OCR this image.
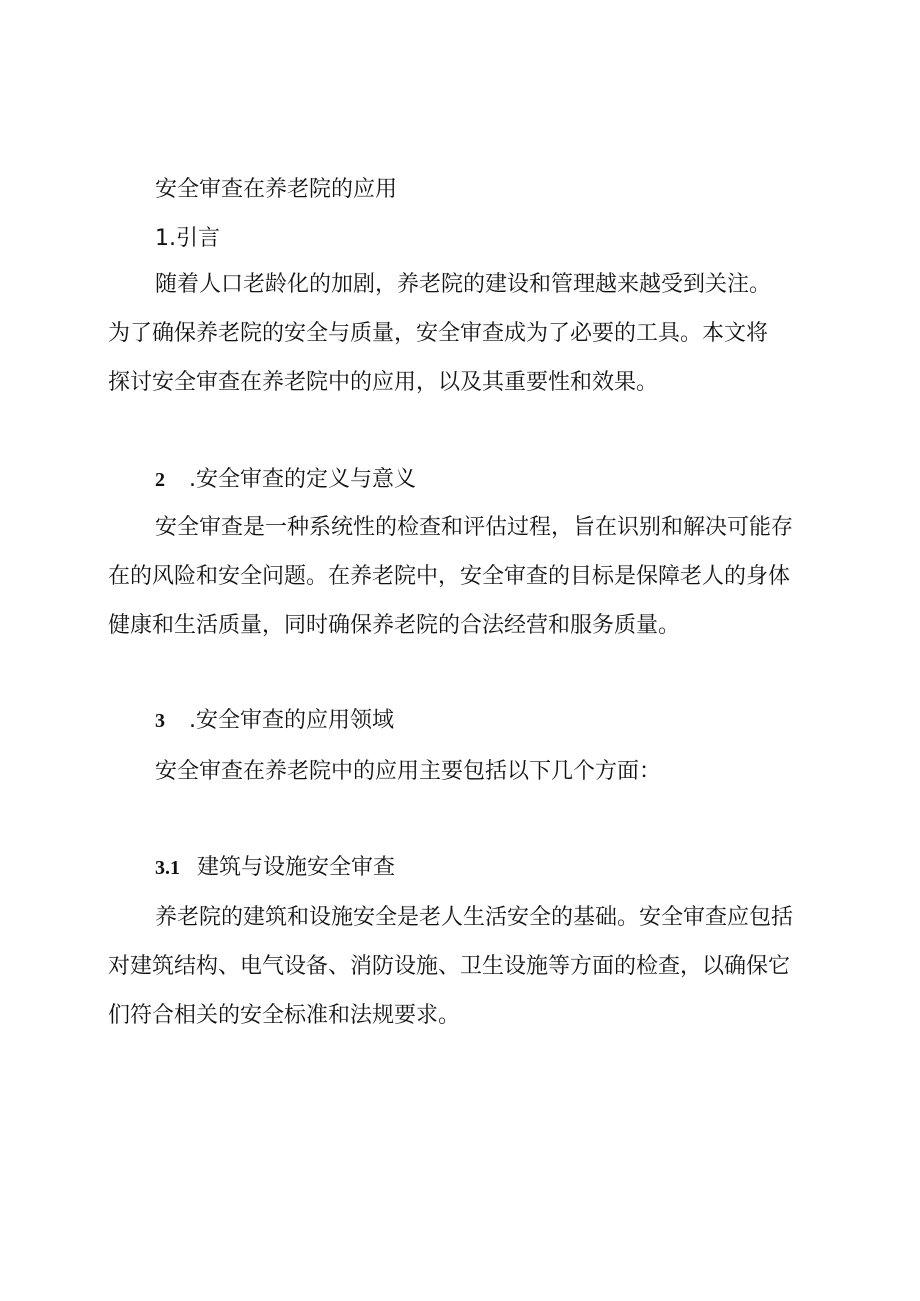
安全审查在养老院的应用
1.引言
随着人口老龄化的加剧，养老院的建设和管理越来越受到关注。
为了确保养老院的安全与质量，安全审查成为了必要的工具。本文将
探讨安全审查在养老院中的应用，以及其重要性和效果。
2 .安全审查的定义与意义
安全审查是一种系统性的检查和评估过程，旨在识别和解决可能存
在的风险和安全问题。在养老院中，安全审查的目标是保障老人的身体
健康和生活质量，同时确保养老院的合法经营和服务质量。
3 .安全审查的应用领域
安全审查在养老院中的应用主要包括以下几个方面：
3.1 建筑与设施安全审查
养老院的建筑和设施安全是老人生活安全的基础。安全审查应包括
对建筑结构、电气设备、消防设施、卫生设施等方面的检查，以确保它
们符合相关的安全标准和法规要求。
